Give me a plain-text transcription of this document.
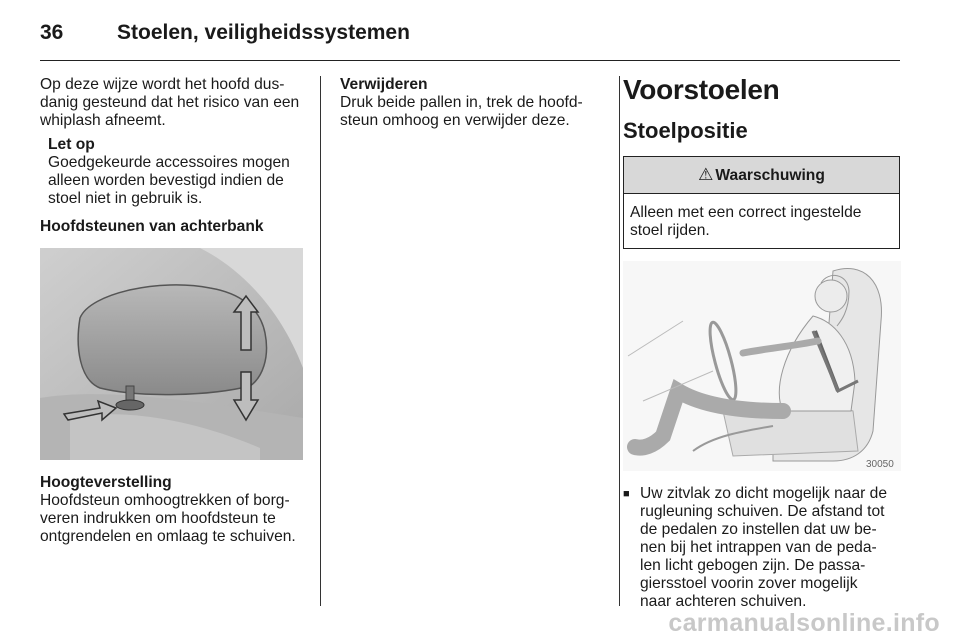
36	Stoelen, veiligheidssystemen

Op deze wijze wordt het hoofd dus-

danig gesteund dat het risico van een

whiplash afneemt.

Let op

Goedgekeurde accessoires mogen

alleen worden bevestigd indien de

stoel niet in gebruik is.

Hoofdsteunen van achterbank

Hoogteverstelling

Hoofdsteun omhoogtrekken of borg-

veren indrukken om hoofdsteun te

ontgrendelen en omlaag te schuiven.

Verwijderen

Druk beide pallen in, trek de hoofd-

steun omhoog en verwijder deze.

Voorstoelen

Stoelpositie

⚠ Waarschuwing

Alleen met een correct ingestelde

stoel rijden.

30050
■ Uw zitvlak zo dicht mogelijk naar de

rugleuning schuiven. De afstand tot

de pedalen zo instellen dat uw be-

nen bij het intrappen van de peda-

len licht gebogen zijn. De passa-

giersstoel voorin zover mogelijk

naar achteren schuiven.

carmanualsonline.info
